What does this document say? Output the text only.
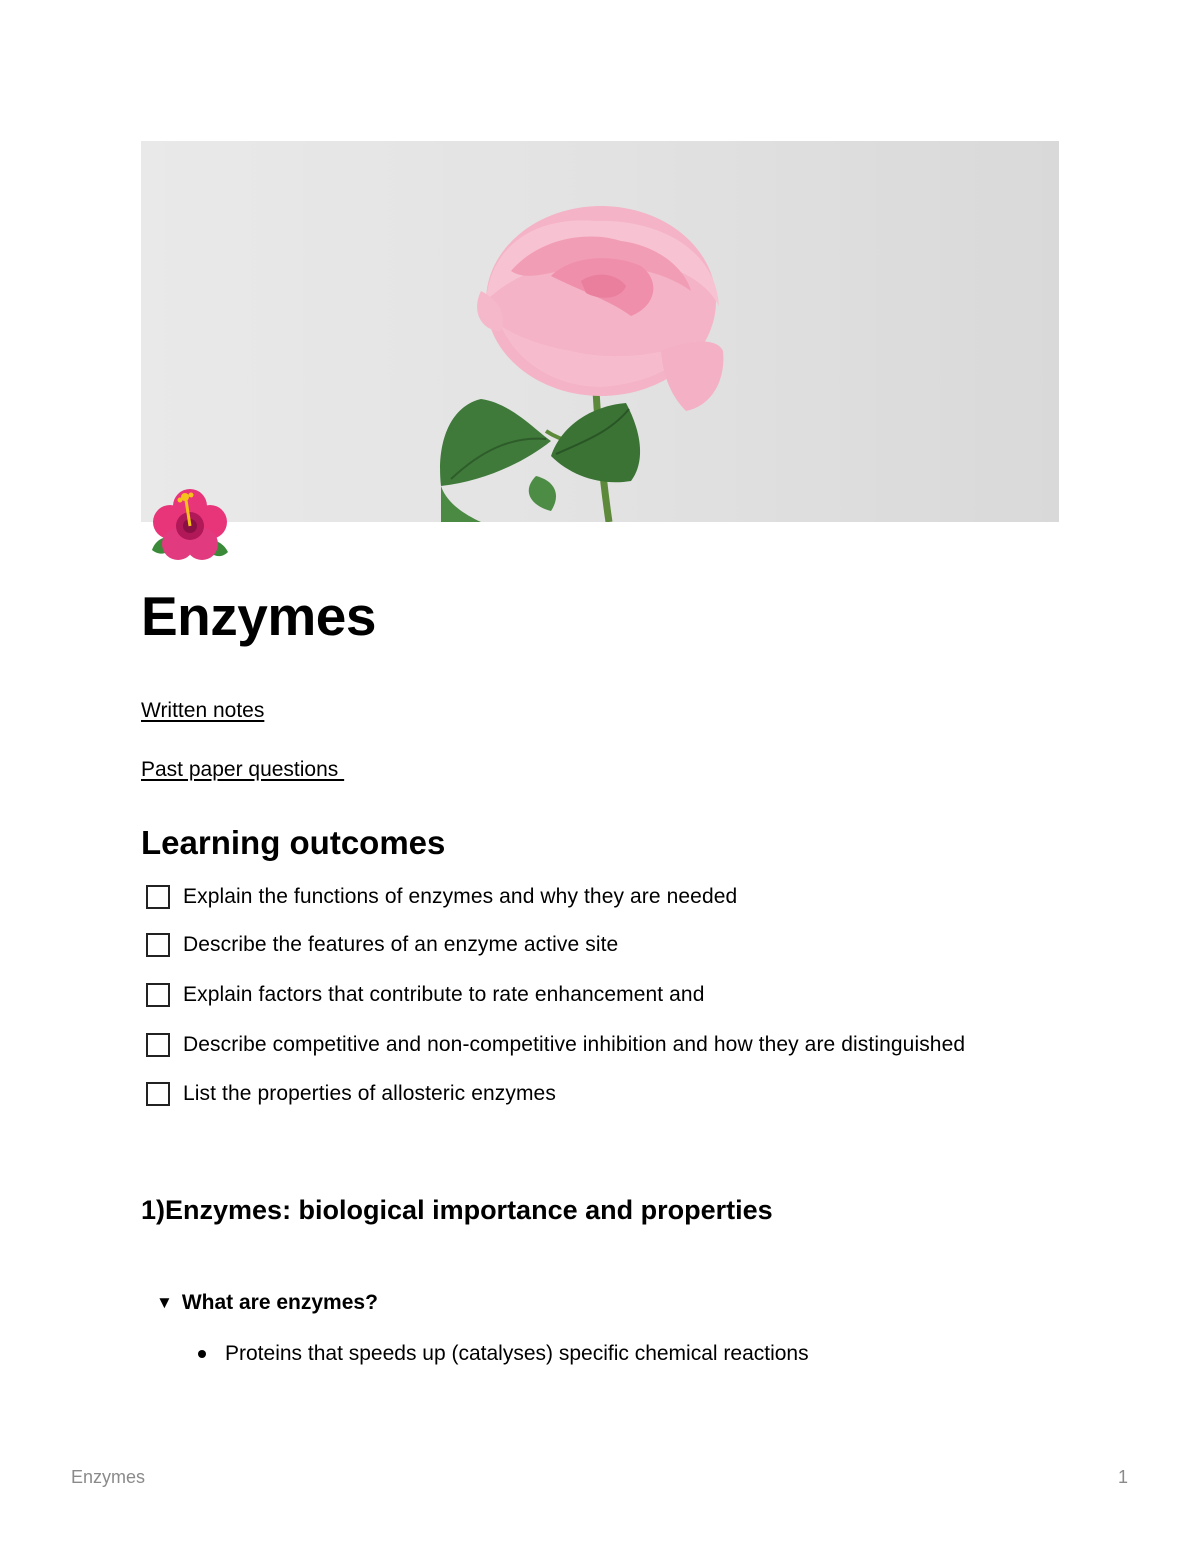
Enzymes
Written notes
Past paper questions
Learning outcomes
Explain the functions of enzymes and why they are needed
Describe the features of an enzyme active site
Explain factors that contribute to rate enhancement and
Describe competitive and non-competitive inhibition and how they are distinguished
List the properties of allosteric enzymes
1)Enzymes: biological importance and properties
▼ What are enzymes?
Proteins that speeds up (catalyses) specific chemical reactions
Enzymes	1
